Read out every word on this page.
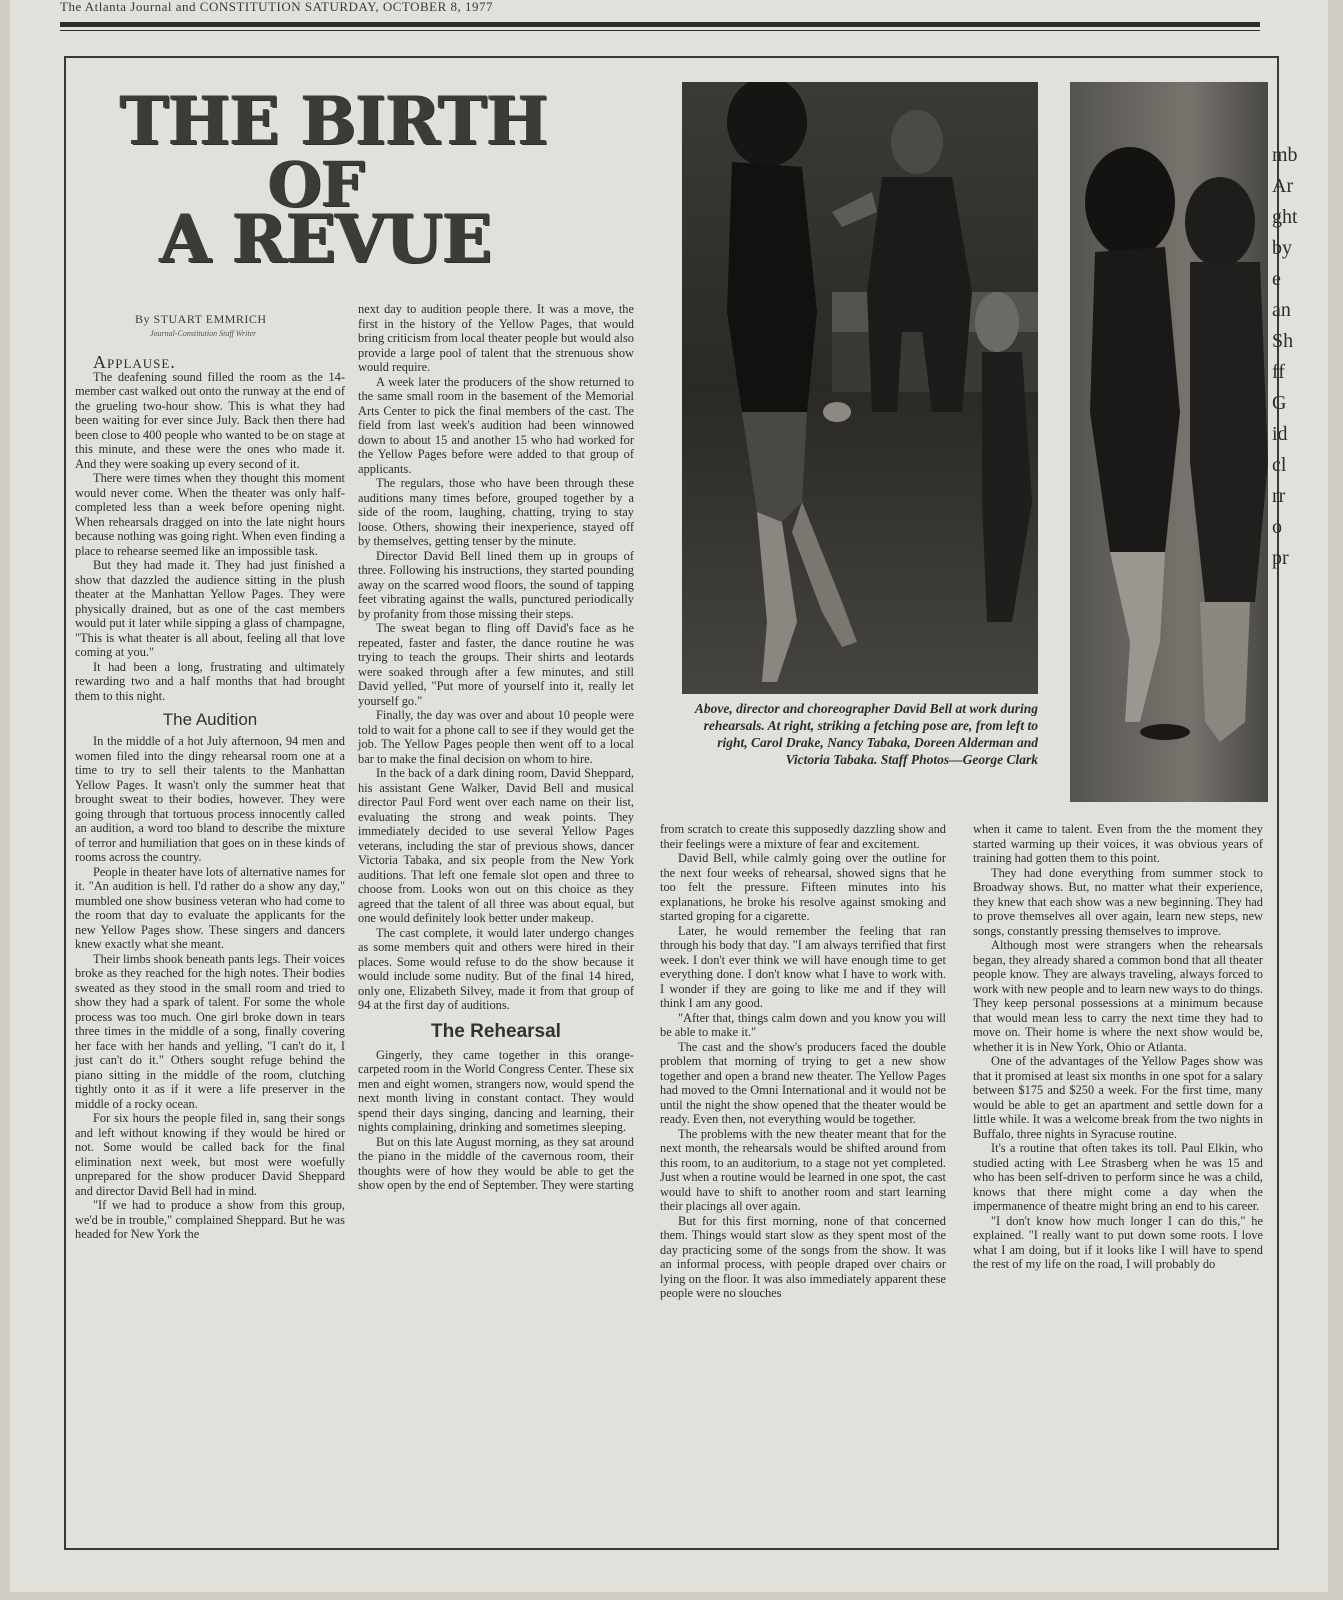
The Atlanta Journal and CONSTITUTION SATURDAY, OCTOBER 8, 1977
THE BIRTH
OF
A REVUE
By STUART EMMRICH
Journal-Constitution Staff Writer

Applause.

The deafening sound filled the room as the 14-member cast walked out onto the runway at the end of the grueling two-hour show. This is what they had been waiting for ever since July. Back then there had been close to 400 people who wanted to be on stage at this minute, and these were the ones who made it. And they were soaking up every second of it.

There were times when they thought this moment would never come. When the theater was only half-completed less than a week before opening night. When rehearsals dragged on into the late night hours because nothing was going right. When even finding a place to rehearse seemed like an impossible task.

But they had made it. They had just finished a show that dazzled the audience sitting in the plush theater at the Manhattan Yellow Pages. They were physically drained, but as one of the cast members would put it later while sipping a glass of champagne, "This is what theater is all about, feeling all that love coming at you."

It had been a long, frustrating and ultimately rewarding two and a half months that had brought them to this night.

The Audition

In the middle of a hot July afternoon, 94 men and women filed into the dingy rehearsal room one at a time to try to sell their talents to the Manhattan Yellow Pages. It wasn't only the summer heat that brought sweat to their bodies, however. They were going through that tortuous process innocently called an audition, a word too bland to describe the mixture of terror and humiliation that goes on in these kinds of rooms across the country.

People in theater have lots of alternative names for it. "An audition is hell. I'd rather do a show any day," mumbled one show business veteran who had come to the room that day to evaluate the applicants for the new Yellow Pages show. These singers and dancers knew exactly what she meant.

Their limbs shook beneath pants legs. Their voices broke as they reached for the high notes. Their bodies sweated as they stood in the small room and tried to show they had a spark of talent. For some the whole process was too much. One girl broke down in tears three times in the middle of a song, finally covering her face with her hands and yelling, "I can't do it, I just can't do it." Others sought refuge behind the piano sitting in the middle of the room, clutching tightly onto it as if it were a life preserver in the middle of a rocky ocean.

For six hours the people filed in, sang their songs and left without knowing if they would be hired or not. Some would be called back for the final elimination next week, but most were woefully unprepared for the show producer David Sheppard and director David Bell had in mind.

"If we had to produce a show from this group, we'd be in trouble," complained Sheppard. But he was headed for New York the

next day to audition people there. It was a move, the first in the history of the Yellow Pages, that would bring criticism from local theater people but would also provide a large pool of talent that the strenuous show would require.

A week later the producers of the show returned to the same small room in the basement of the Memorial Arts Center to pick the final members of the cast. The field from last week's audition had been winnowed down to about 15 and another 15 who had worked for the Yellow Pages before were added to that group of applicants.

The regulars, those who have been through these auditions many times before, grouped together by a side of the room, laughing, chatting, trying to stay loose. Others, showing their inexperience, stayed off by themselves, getting tenser by the minute.

Director David Bell lined them up in groups of three. Following his instructions, they started pounding away on the scarred wood floors, the sound of tapping feet vibrating against the walls, punctured periodically by profanity from those missing their steps.

The sweat began to fling off David's face as he repeated, faster and faster, the dance routine he was trying to teach the groups. Their shirts and leotards were soaked through after a few minutes, and still David yelled, "Put more of yourself into it, really let yourself go."

Finally, the day was over and about 10 people were told to wait for a phone call to see if they would get the job. The Yellow Pages people then went off to a local bar to make the final decision on whom to hire.

In the back of a dark dining room, David Sheppard, his assistant Gene Walker, David Bell and musical director Paul Ford went over each name on their list, evaluating the strong and weak points. They immediately decided to use several Yellow Pages veterans, including the star of previous shows, dancer Victoria Tabaka, and six people from the New York auditions. That left one female slot open and three to choose from. Looks won out on this choice as they agreed that the talent of all three was about equal, but one would definitely look better under makeup.

The cast complete, it would later undergo changes as some members quit and others were hired in their places. Some would refuse to do the show because it would include some nudity. But of the final 14 hired, only one, Elizabeth Silvey, made it from that group of 94 at the first day of auditions.

The Rehearsal

Gingerly, they came together in this orange-carpeted room in the World Congress Center. These six men and eight women, strangers now, would spend the next month living in constant contact. They would spend their days singing, dancing and learning, their nights complaining, drinking and sometimes sleeping.

But on this late August morning, as they sat around the piano in the middle of the cavernous room, their thoughts were of how they would be able to get the show open by the end of September. They were starting

Above, director and choreographer David Bell at work during rehearsals. At right, striking a fetching pose are, from left to right, Carol Drake, Nancy Tabaka, Doreen Alderman and Victoria Tabaka. Staff Photos—George Clark

from scratch to create this supposedly dazzling show and their feelings were a mixture of fear and excitement.

David Bell, while calmly going over the outline for the next four weeks of rehearsal, showed signs that he too felt the pressure. Fifteen minutes into his explanations, he broke his resolve against smoking and started groping for a cigarette.

Later, he would remember the feeling that ran through his body that day. "I am always terrified that first week. I don't ever think we will have enough time to get everything done. I don't know what I have to work with. I wonder if they are going to like me and if they will think I am any good.

"After that, things calm down and you know you will be able to make it."

The cast and the show's producers faced the double problem that morning of trying to get a new show together and open a brand new theater. The Yellow Pages had moved to the Omni International and it would not be until the night the show opened that the theater would be ready. Even then, not everything would be together.

The problems with the new theater meant that for the next month, the rehearsals would be shifted around from this room, to an auditorium, to a stage not yet completed. Just when a routine would be learned in one spot, the cast would have to shift to another room and start learning their placings all over again.

But for this first morning, none of that concerned them. Things would start slow as they spent most of the day practicing some of the songs from the show. It was an informal process, with people draped over chairs or lying on the floor. It was also immediately apparent these people were no slouches

when it came to talent. Even from the the moment they started warming up their voices, it was obvious years of training had gotten them to this point.

They had done everything from summer stock to Broadway shows. But, no matter what their experience, they knew that each show was a new beginning. They had to prove themselves all over again, learn new steps, new songs, constantly pressing themselves to improve.

Although most were strangers when the rehearsals began, they already shared a common bond that all theater people know. They are always traveling, always forced to work with new people and to learn new ways to do things. They keep personal possessions at a minimum because that would mean less to carry the next time they had to move on. Their home is where the next show would be, whether it is in New York, Ohio or Atlanta.

One of the advantages of the Yellow Pages show was that it promised at least six months in one spot for a salary between $175 and $250 a week. For the first time, many would be able to get an apartment and settle down for a little while. It was a welcome break from the two nights in Buffalo, three nights in Syracuse routine.

It's a routine that often takes its toll. Paul Elkin, who studied acting with Lee Strasberg when he was 15 and who has been self-driven to perform since he was a child, knows that there might come a day when the impermanence of theatre might bring an end to his career.

"I don't know how much longer I can do this," he explained. "I really want to put down some roots. I love what I am doing, but if it looks like I will have to spend the rest of my life on the road, I will probably do

mb
Ar
ght
by
e
an
Sh
ff
G
id
cl
rr
o
pr
